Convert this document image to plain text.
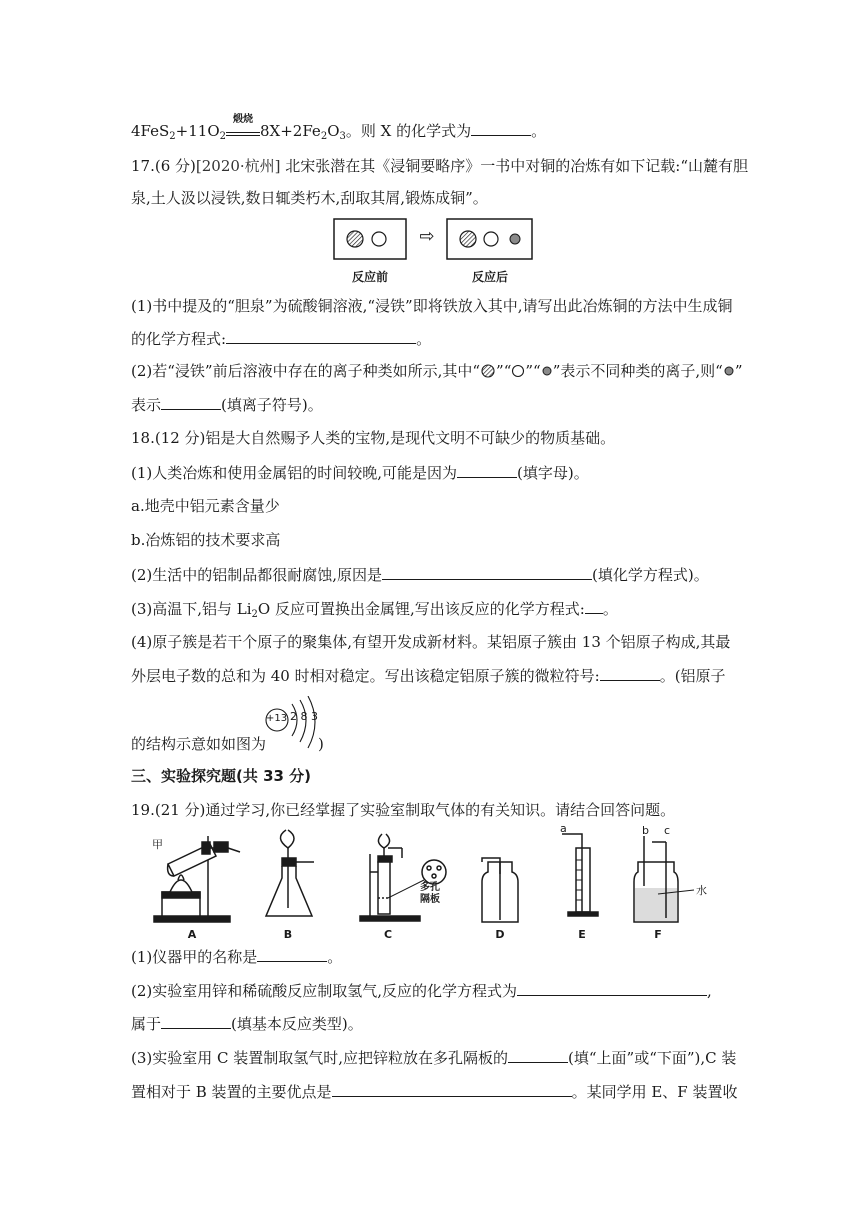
$4FeS_2+11O_2$
煅烧
$8X+2Fe_2O_3$。则 X 的化学式为	。
17.(6 分)[2020·杭州] 北宋张潜在其《浸铜要略序》一书中对铜的冶炼有如下记载:“山麓有胆
泉,土人汲以浸铁,数日辄类朽木,刮取其屑,锻炼成铜”。
⇨
反应前	反应后
(1)书中提及的“胆泉”为硫酸铜溶液,“浸铁”即将铁放入其中,请写出此冶炼铜的方法中生成铜
的化学方程式:	。
(2)若“浸铁”前后溶液中存在的离子种类如所示,其中“ ”“ ”“ ”表示不同种类的离子,则“ ”
表示	(填离子符号)。
18.(12 分)铝是大自然赐予人类的宝物,是现代文明不可缺少的物质基础。
(1)人类冶炼和使用金属铝的时间较晚,可能是因为	(填字母)。
a.地壳中铝元素含量少
b.冶炼铝的技术要求高
(2)生活中的铝制品都很耐腐蚀,原因是	(填化学方程式)。
(3)高温下,铝与 $Li_2O$ 反应可置换出金属锂,写出该反应的化学方程式: 。
(4)原子簇是若干个原子的聚集体,有望开发成新材料。某铝原子簇由 13 个铝原子构成,其最
外层电子数的总和为 40 时相对稳定。写出该稳定铝原子簇的微粒符号:	。(铝原子
的结构示意如如图为
+13 2 8 3
)
三、实验探究题(共 33 分)
19.(21 分)通过学习,你已经掌握了实验室制取气体的有关知识。请结合回答问题。
甲
多孔
隔板
a	b c
水
A	B	C	D	E	F
(1)仪器甲的名称是	。
(2)实验室用锌和稀硫酸反应制取氢气,反应的化学方程式为	,
属于	(填基本反应类型)。
(3)实验室用 C 装置制取氢气时,应把锌粒放在多孔隔板的	(填“上面”或“下面”),C 装
置相对于 B 装置的主要优点是	。某同学用 E、F 装置收
